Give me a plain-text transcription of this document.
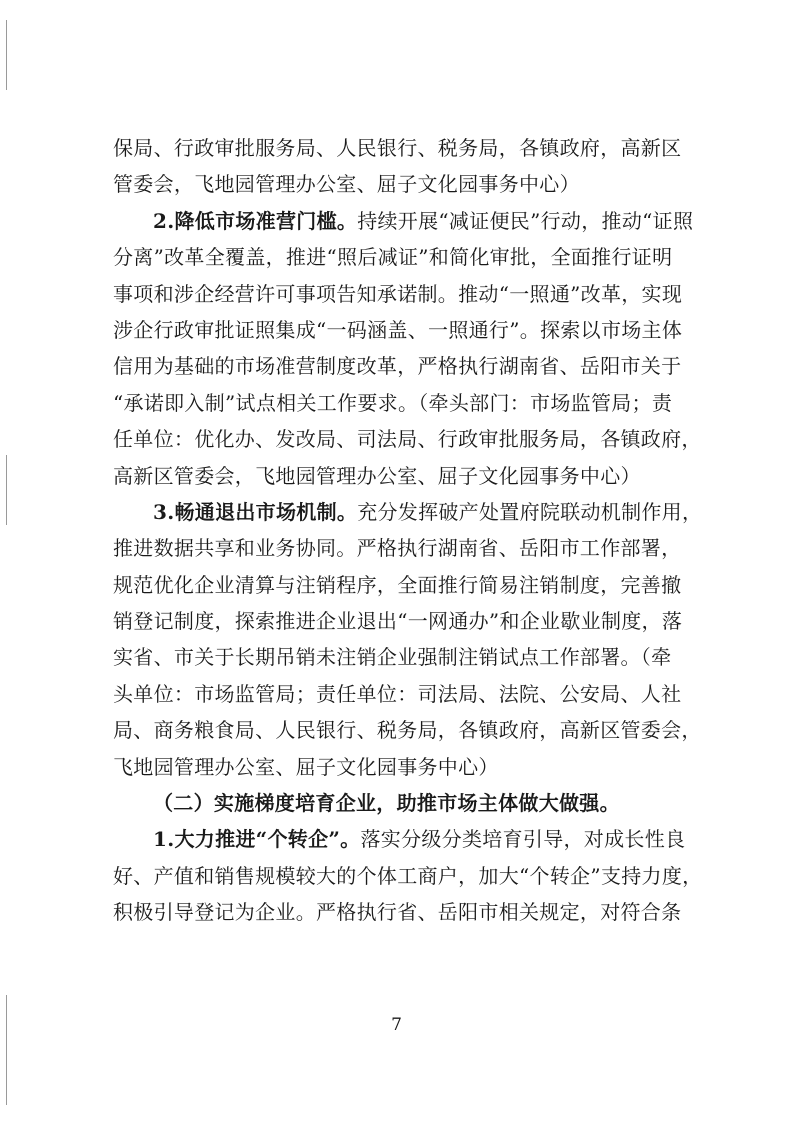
保局、行政审批服务局、人民银行、税务局，各镇政府，高新区
管委会，飞地园管理办公室、屈子文化园事务中心）
2.降低市场准营门槛。持续开展“减证便民”行动，推动“证照
分离”改革全覆盖，推进“照后减证”和简化审批，全面推行证明
事项和涉企经营许可事项告知承诺制。推动“一照通”改革，实现
涉企行政审批证照集成“一码涵盖、一照通行”。探索以市场主体
信用为基础的市场准营制度改革，严格执行湖南省、岳阳市关于
“承诺即入制”试点相关工作要求。（牵头部门：市场监管局；责
任单位：优化办、发改局、司法局、行政审批服务局，各镇政府，
高新区管委会，飞地园管理办公室、屈子文化园事务中心）
3.畅通退出市场机制。充分发挥破产处置府院联动机制作用，
推进数据共享和业务协同。严格执行湖南省、岳阳市工作部署，
规范优化企业清算与注销程序，全面推行简易注销制度，完善撤
销登记制度，探索推进企业退出“一网通办”和企业歇业制度，落
实省、市关于长期吊销未注销企业强制注销试点工作部署。（牵
头单位：市场监管局；责任单位：司法局、法院、公安局、人社
局、商务粮食局、人民银行、税务局，各镇政府，高新区管委会，
飞地园管理办公室、屈子文化园事务中心）
（二）实施梯度培育企业，助推市场主体做大做强。
1.大力推进“个转企”。落实分级分类培育引导，对成长性良
好、产值和销售规模较大的个体工商户，加大“个转企”支持力度，
积极引导登记为企业。严格执行省、岳阳市相关规定，对符合条
7
